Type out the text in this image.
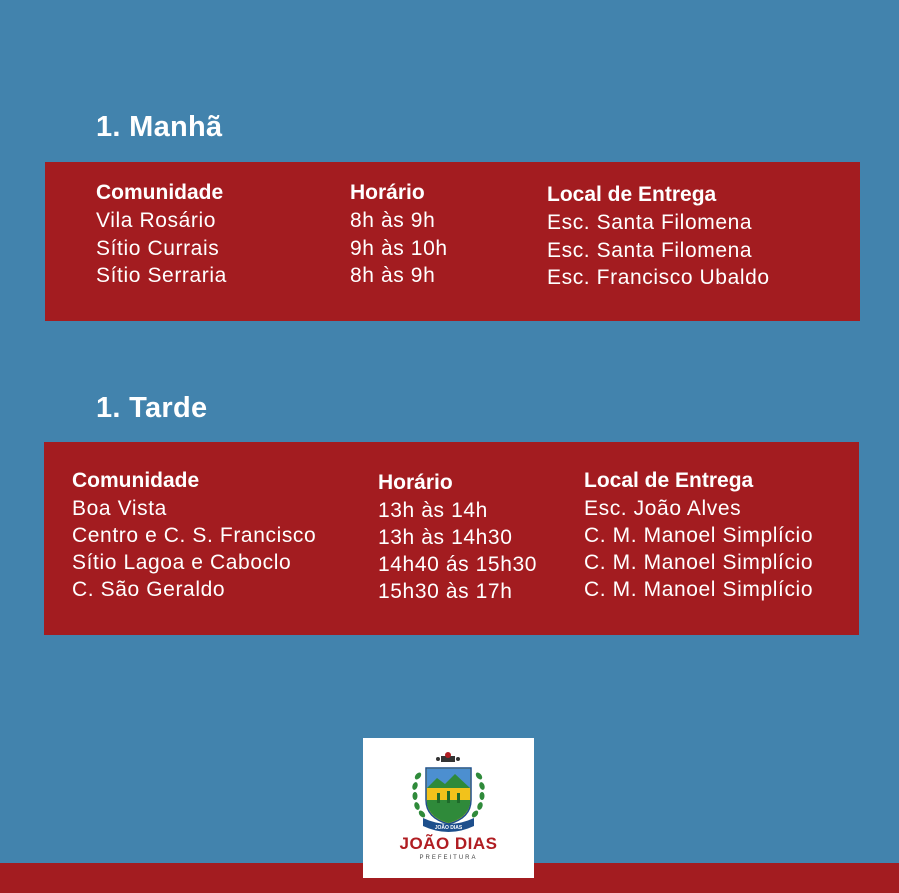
1. Manhã
Comunidade
Vila Rosário
Sítio Currais
Sítio Serraria
Horário
8h às 9h
9h às 10h
8h às 9h
Local de Entrega
Esc. Santa Filomena
Esc. Santa Filomena
Esc. Francisco Ubaldo
1. Tarde
Comunidade
Boa Vista
Centro e C. S. Francisco
Sítio Lagoa e Caboclo
C. São Geraldo
Horário
13h às 14h
13h às 14h30
14h40 ás 15h30
15h30 às 17h
Local de Entrega
Esc. João Alves
C. M. Manoel Simplício
C. M. Manoel Simplício
C. M. Manoel Simplício
JOÃO DIAS
JOÃO DIAS
PREFEITURA
